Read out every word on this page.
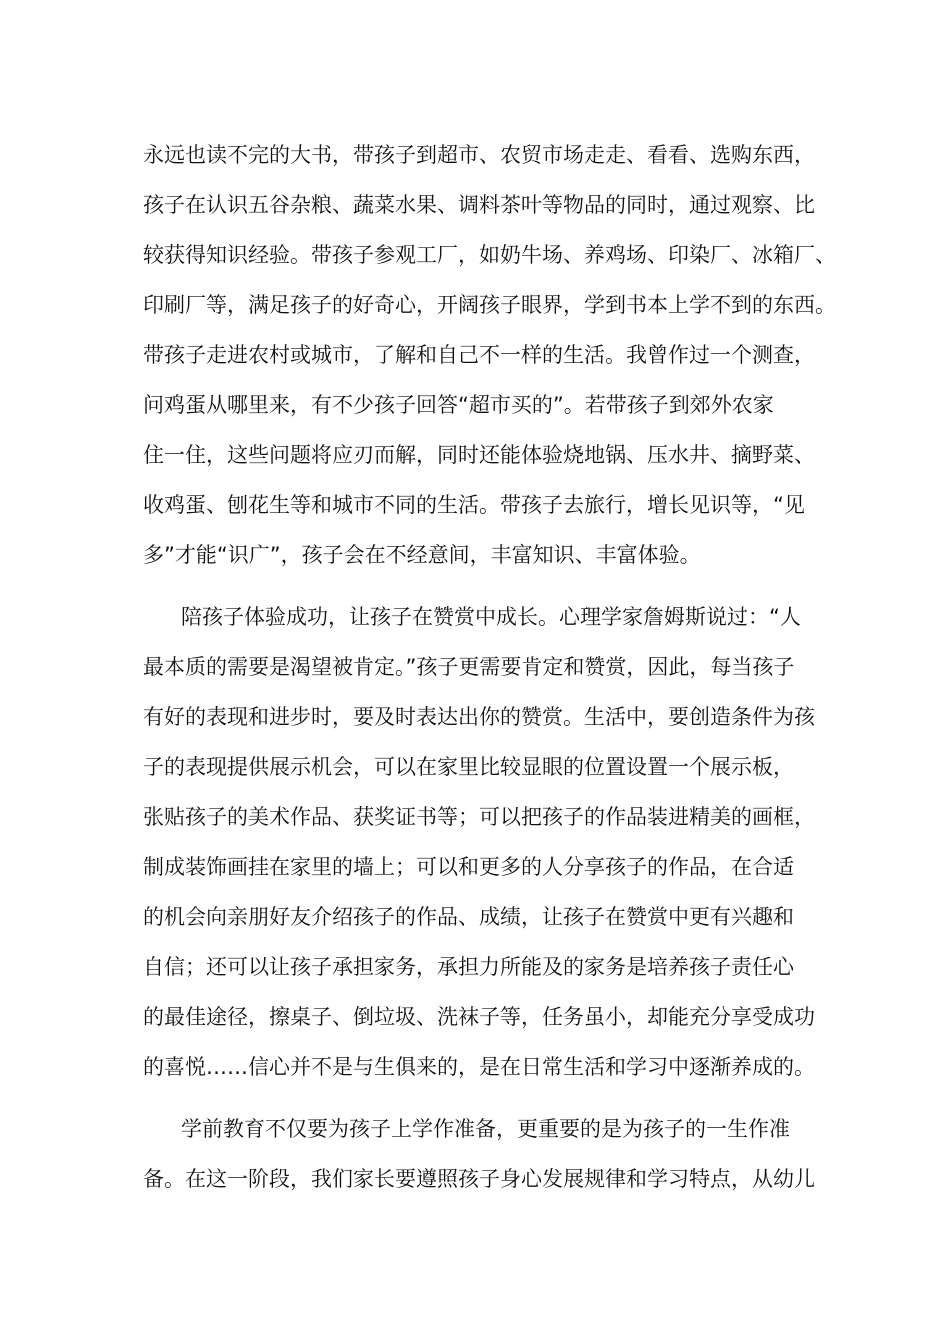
永远也读不完的大书，带孩子到超市、农贸市场走走、看看、选购东西，
孩子在认识五谷杂粮、蔬菜水果、调料茶叶等物品的同时，通过观察、比
较获得知识经验。带孩子参观工厂，如奶牛场、养鸡场、印染厂、冰箱厂、
印刷厂等，满足孩子的好奇心，开阔孩子眼界，学到书本上学不到的东西。
带孩子走进农村或城市，了解和自己不一样的生活。我曾作过一个测查，
问鸡蛋从哪里来，有不少孩子回答“超市买的”。若带孩子到郊外农家
住一住，这些问题将应刃而解，同时还能体验烧地锅、压水井、摘野菜、
收鸡蛋、刨花生等和城市不同的生活。带孩子去旅行，增长见识等，“见
多”才能“识广”，孩子会在不经意间，丰富知识、丰富体验。

陪孩子体验成功，让孩子在赞赏中成长。心理学家詹姆斯说过：“人
最本质的需要是渴望被肯定。”孩子更需要肯定和赞赏，因此，每当孩子
有好的表现和进步时，要及时表达出你的赞赏。生活中，要创造条件为孩
子的表现提供展示机会，可以在家里比较显眼的位置设置一个展示板，
张贴孩子的美术作品、获奖证书等；可以把孩子的作品装进精美的画框，
制成装饰画挂在家里的墙上；可以和更多的人分享孩子的作品，在合适
的机会向亲朋好友介绍孩子的作品、成绩，让孩子在赞赏中更有兴趣和
自信；还可以让孩子承担家务，承担力所能及的家务是培养孩子责任心
的最佳途径，擦桌子、倒垃圾、洗袜子等，任务虽小，却能充分享受成功
的喜悦……信心并不是与生俱来的，是在日常生活和学习中逐渐养成的。

学前教育不仅要为孩子上学作准备，更重要的是为孩子的一生作准
备。在这一阶段，我们家长要遵照孩子身心发展规律和学习特点，从幼儿
